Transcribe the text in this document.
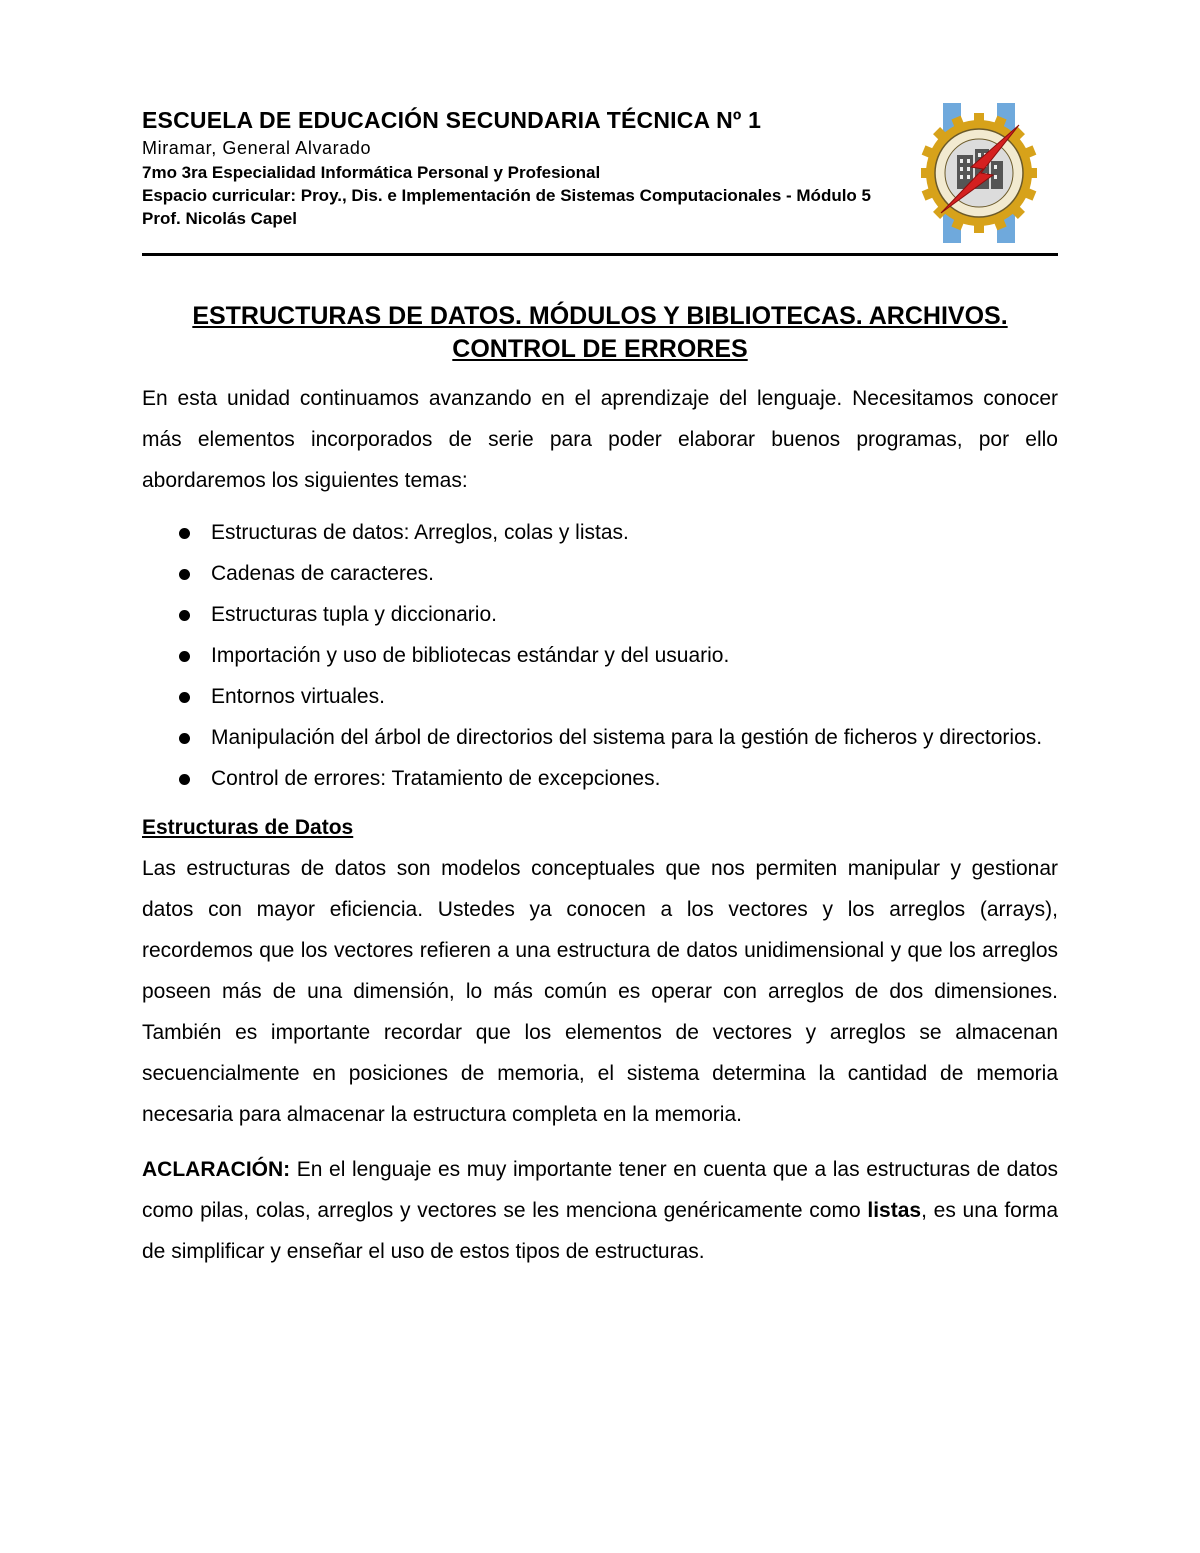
ESCUELA DE EDUCACIÓN SECUNDARIA TÉCNICA Nº 1
Miramar, General Alvarado
7mo 3ra Especialidad Informática Personal y Profesional
Espacio curricular: Proy., Dis. e Implementación de Sistemas Computacionales - Módulo 5
Prof. Nicolás Capel
ESTRUCTURAS DE DATOS. MÓDULOS Y BIBLIOTECAS. ARCHIVOS.
CONTROL DE ERRORES

En esta unidad continuamos avanzando en el aprendizaje del lenguaje. Necesitamos conocer más elementos incorporados de serie para poder elaborar buenos programas, por ello abordaremos los siguientes temas:

Estructuras de datos: Arreglos, colas y listas.
Cadenas de caracteres.
Estructuras tupla y diccionario.
Importación y uso de bibliotecas estándar y del usuario.
Entornos virtuales.
Manipulación del árbol de directorios del sistema para la gestión de ficheros y directorios.
Control de errores: Tratamiento de excepciones.
Estructuras de Datos

Las estructuras de datos son modelos conceptuales que nos permiten manipular y gestionar datos con mayor eficiencia. Ustedes ya conocen a los vectores y los arreglos (arrays), recordemos que los vectores refieren a una estructura de datos unidimensional y que los arreglos poseen más de una dimensión, lo más común es operar con arreglos de dos dimensiones. También es importante recordar que los elementos de vectores y arreglos se almacenan secuencialmente en posiciones de memoria, el sistema determina la cantidad de memoria necesaria para almacenar la estructura completa en la memoria.

ACLARACIÓN: En el lenguaje es muy importante tener en cuenta que a las estructuras de datos como pilas, colas, arreglos y vectores se les menciona genéricamente como listas, es una forma de simplificar y enseñar el uso de estos tipos de estructuras.
